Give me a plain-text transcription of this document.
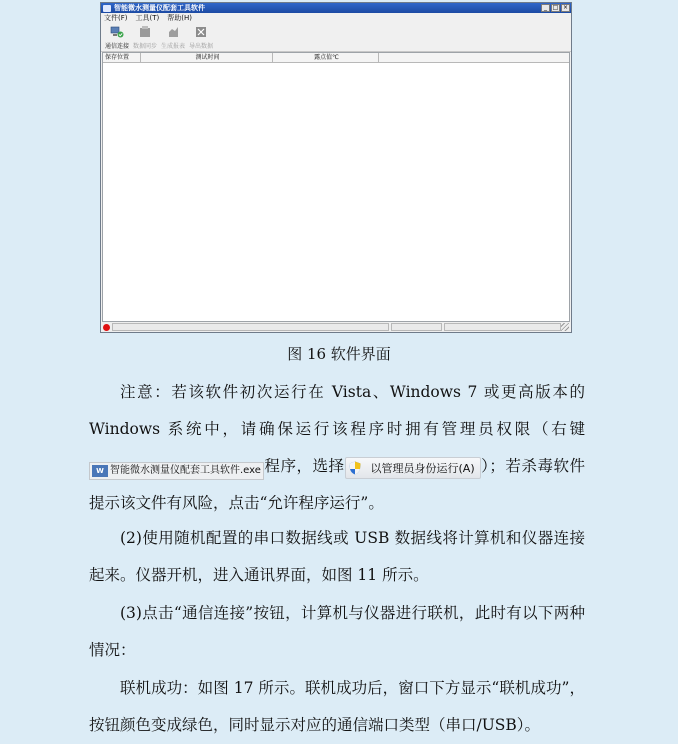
智能微水测量仪配套工具软件	_ □ ×
文件(F) 工具(T) 帮助(H)
通信连接 数据同步 生成报表 导出数据
保存位置	测试时间	露点值℃
图 16 软件界面

注意：若该软件初次运行在 Vista、Windows 7 或更高版本的 Windows 系统中，请确保运行该程序时拥有管理员权限（右键
W 智能微水测量仪配套工具软件.exe 程序，选择 以管理员身份运行(A) ）；若杀毒软件提示该文件有风险，点击“允许程序运行”。

(2)使用随机配置的串口数据线或 USB 数据线将计算机和仪器连接起来。仪器开机，进入通讯界面，如图 11 所示。

(3)点击“通信连接”按钮，计算机与仪器进行联机，此时有以下两种情况：

联机成功：如图 17 所示。联机成功后，窗口下方显示“联机成功”，按钮颜色变成绿色，同时显示对应的通信端口类型（串口/USB）。
